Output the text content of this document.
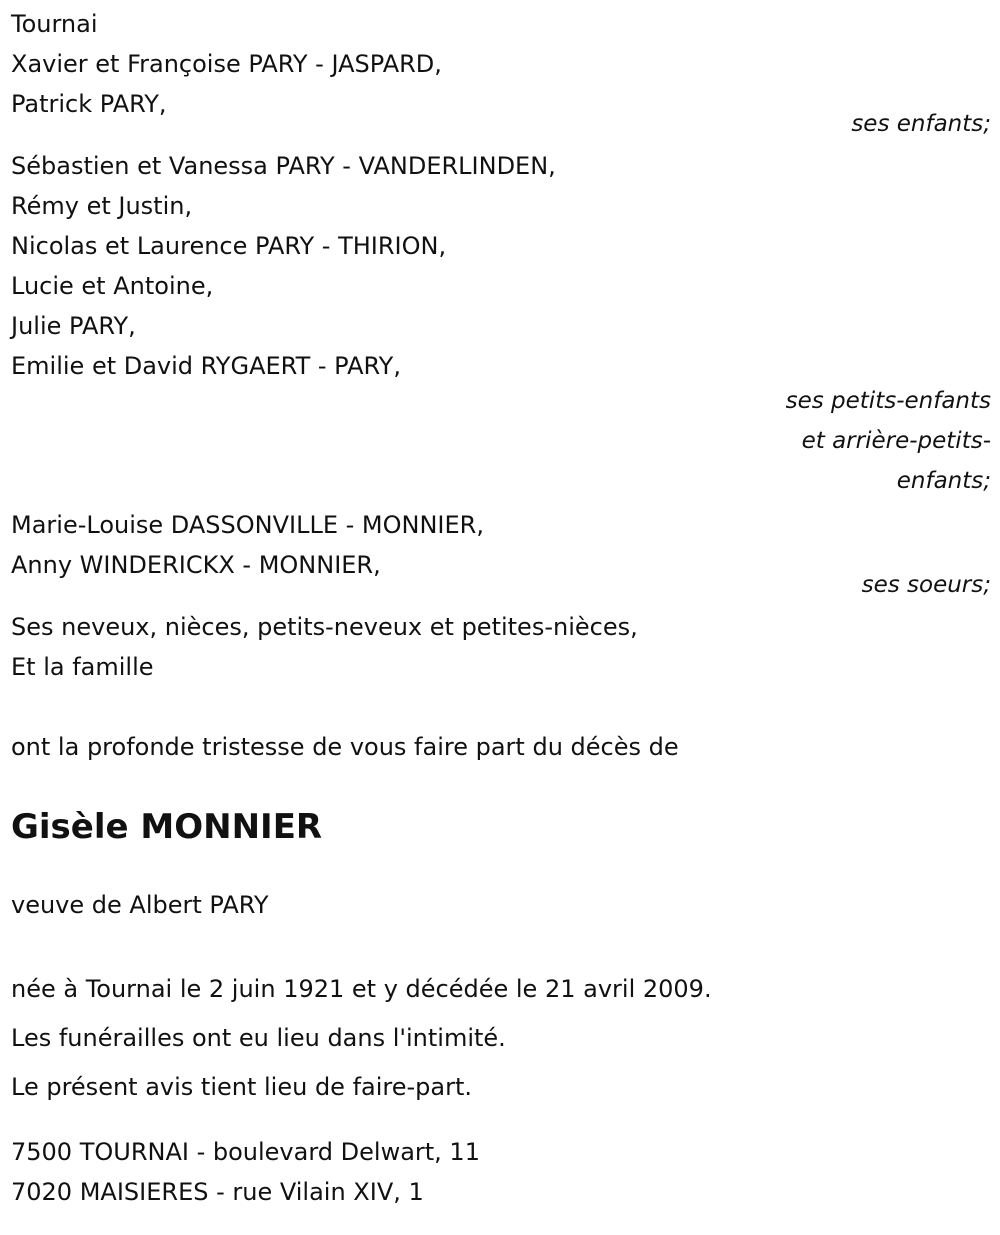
Tournai
Xavier et Françoise PARY - JASPARD,
Patrick PARY,
ses enfants;
Sébastien et Vanessa PARY - VANDERLINDEN,
Rémy et Justin,
Nicolas et Laurence PARY - THIRION,
Lucie et Antoine,
Julie PARY,
Emilie et David RYGAERT - PARY,
ses petits-enfants
et arrière-petits-
enfants;
Marie-Louise DASSONVILLE - MONNIER,
Anny WINDERICKX - MONNIER,
ses soeurs;
Ses neveux, nièces, petits-neveux et petites-nièces,
Et la famille
ont la profonde tristesse de vous faire part du décès de
Gisèle MONNIER
veuve de Albert PARY
née à Tournai le 2 juin 1921 et y décédée le 21 avril 2009.
Les funérailles ont eu lieu dans l'intimité.
Le présent avis tient lieu de faire-part.
7500 TOURNAI - boulevard Delwart, 11
7020 MAISIERES - rue Vilain XIV, 1
